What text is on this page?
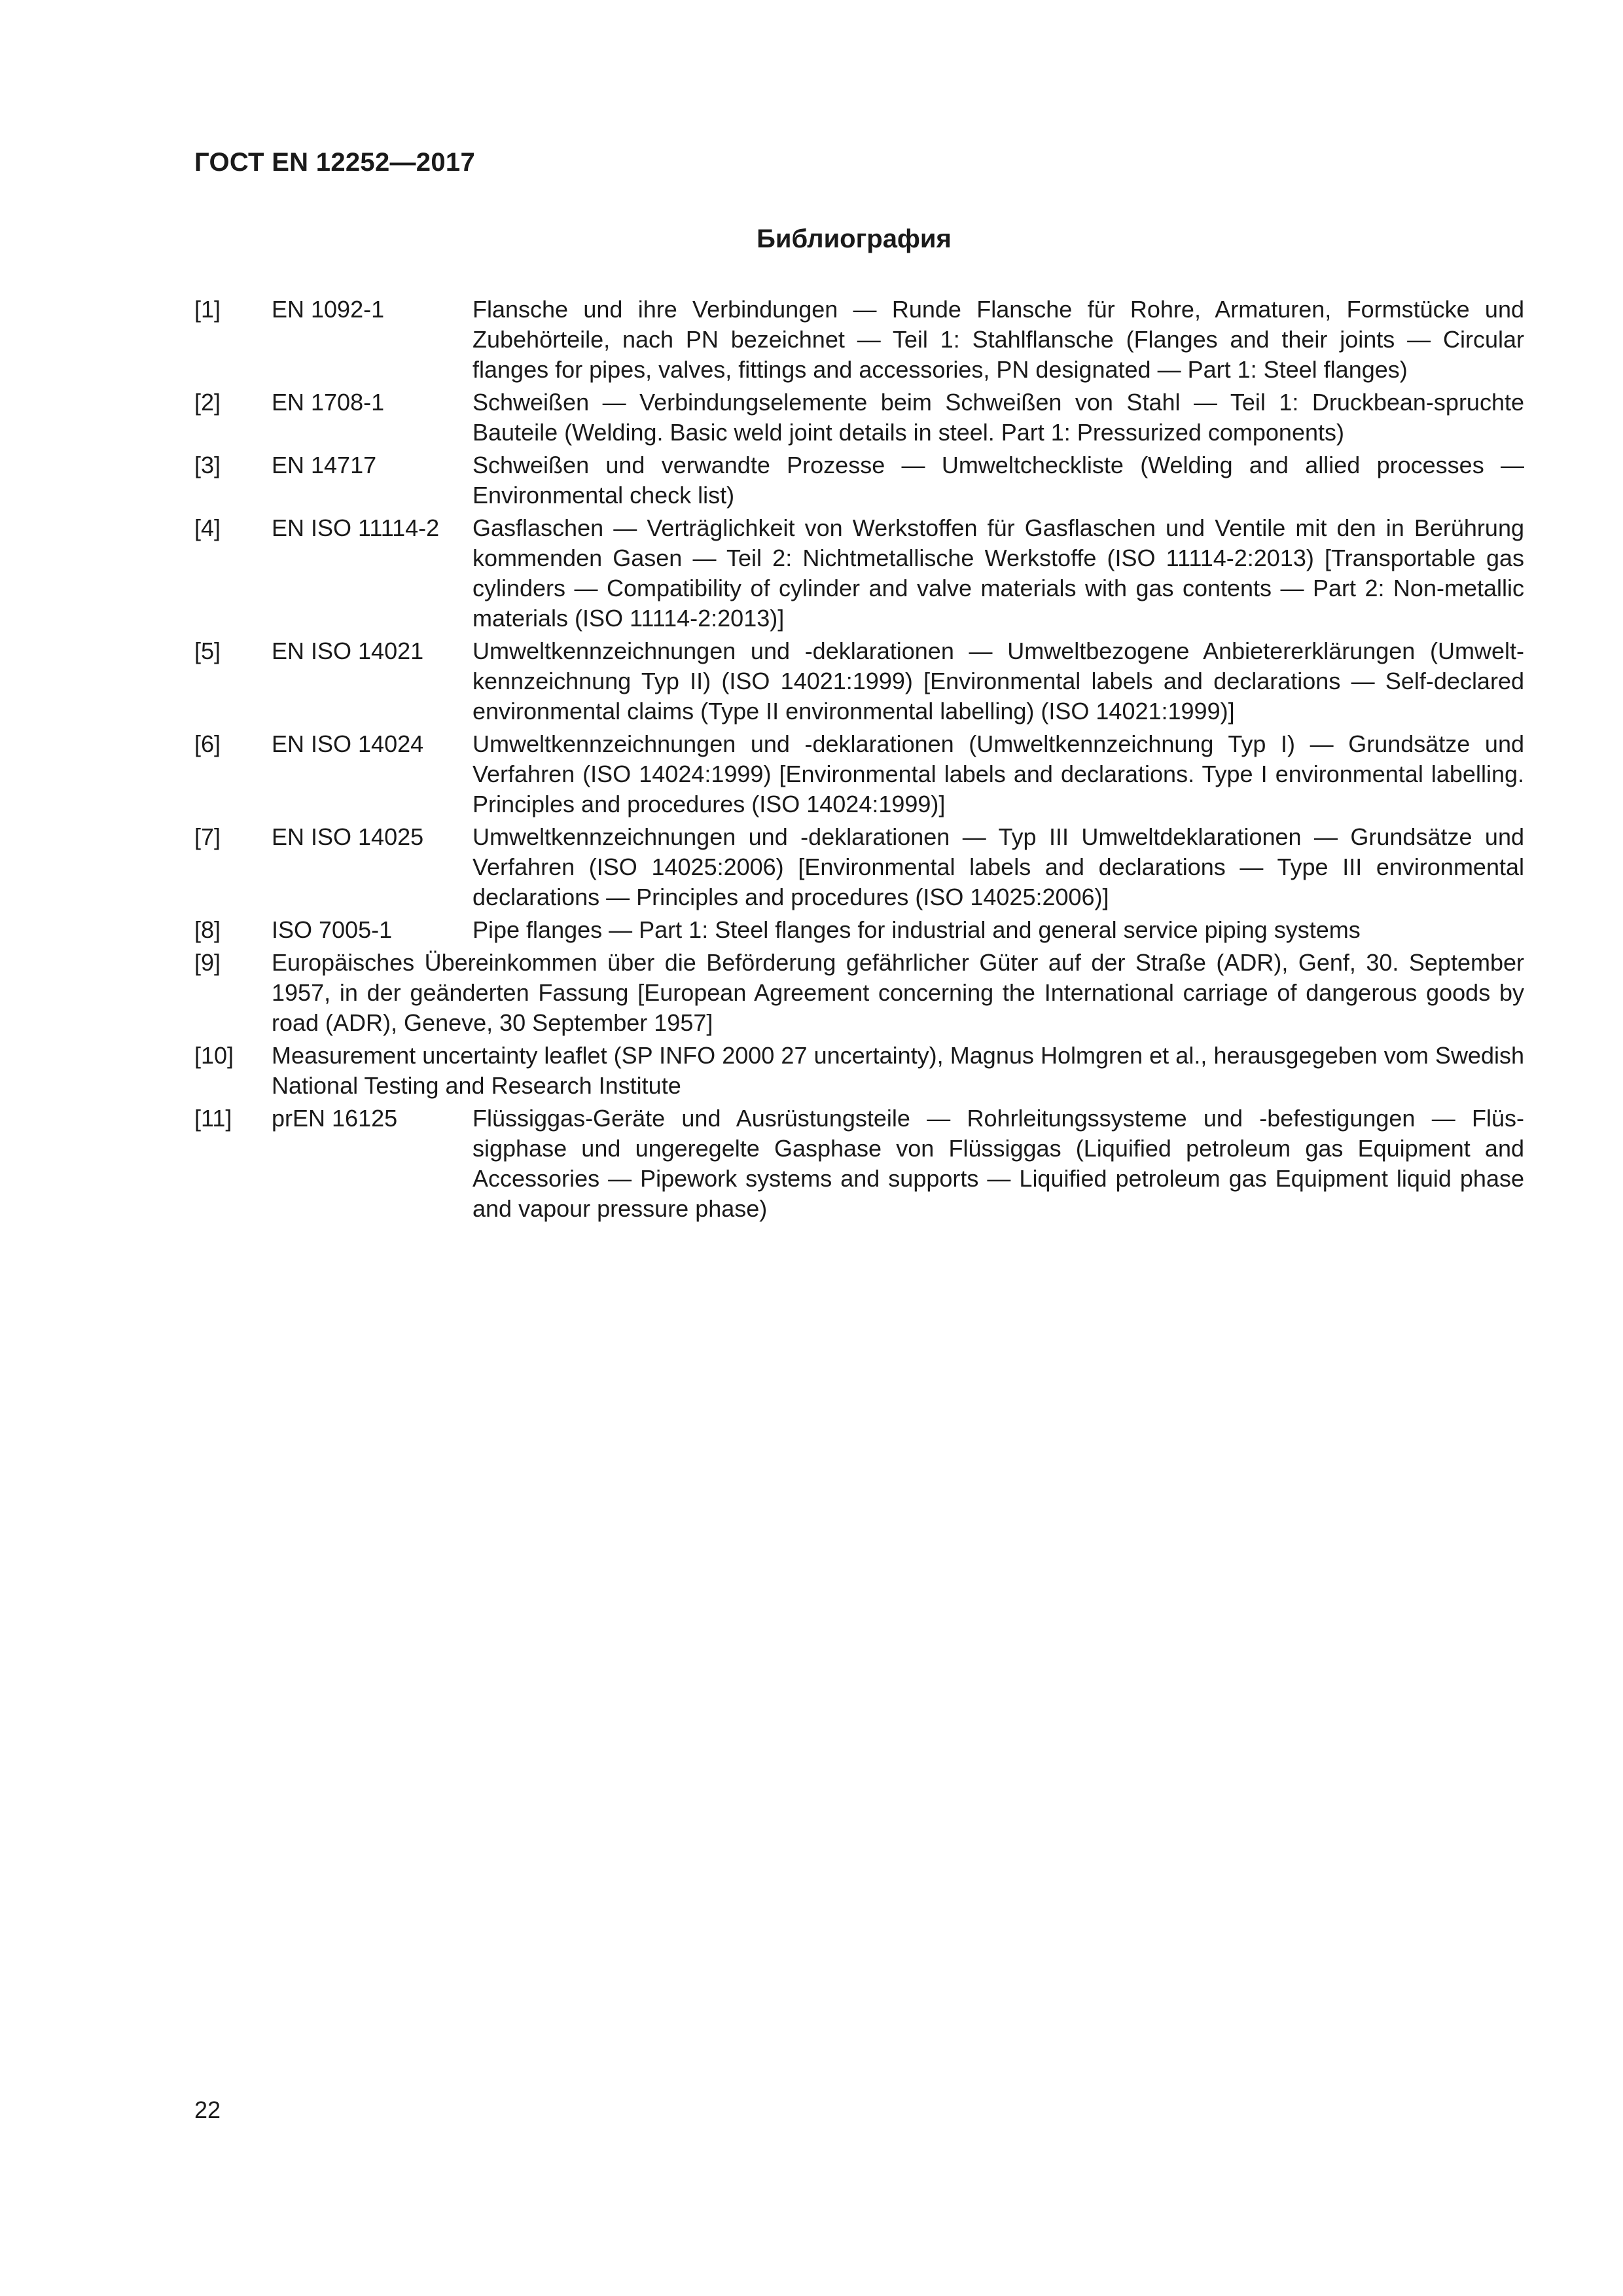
ГОСТ EN 12252—2017
Библиография
[1]	EN 1092-1	Flansche und ihre Verbindungen — Runde Flansche für Rohre, Armaturen, Formstücke und Zubehörteile, nach PN bezeichnet — Teil 1: Stahlflansche (Flanges and their joints — Circular flanges for pipes, valves, fittings and accessories, PN designated — Part 1: Steel flanges)
[2]	EN 1708-1	Schweißen — Verbindungselemente beim Schweißen von Stahl — Teil 1: Druckbean-spruchte Bauteile (Welding. Basic weld joint details in steel. Part 1: Pressurized components)
[3]	EN 14717	Schweißen und verwandte Prozesse — Umweltcheckliste (Welding and allied processes — Environmental check list)
[4]	EN ISO 11114-2	Gasflaschen — Verträglichkeit von Werkstoffen für Gasflaschen und Ventile mit den in Berührung kommenden Gasen — Teil 2: Nichtmetallische Werkstoffe (ISO 11114-2:2013) [Transportable gas cylinders — Compatibility of cylinder and valve materials with gas contents — Part 2: Non-metallic materials (ISO 11114-2:2013)]
[5]	EN ISO 14021	Umweltkennzeichnungen und -deklarationen — Umweltbezogene Anbietererklärungen (Umweltkennzeichnung Typ II) (ISO 14021:1999) [Environmental labels and declarations — Self-declared environmental claims (Type II environmental labelling) (ISO 14021:1999)]
[6]	EN ISO 14024	Umweltkennzeichnungen und -deklarationen (Umweltkennzeichnung Typ I) — Grundsätze und Verfahren (ISO 14024:1999) [Environmental labels and declarations. Type I environmental labelling. Principles and procedures (ISO 14024:1999)]
[7]	EN ISO 14025	Umweltkennzeichnungen und -deklarationen — Typ III Umweltdeklarationen — Grundsätze und Verfahren (ISO 14025:2006) [Environmental labels and declarations — Type III environmental declarations — Principles and procedures (ISO 14025:2006)]
[8]	ISO 7005-1	Pipe flanges — Part 1: Steel flanges for industrial and general service piping systems
[9]	Europäisches Übereinkommen über die Beförderung gefährlicher Güter auf der Straße (ADR), Genf, 30. September 1957, in der geänderten Fassung [European Agreement concerning the International carriage of dangerous goods by road (ADR), Geneve, 30 September 1957]
[10]	Measurement uncertainty leaflet (SP INFO 2000 27 uncertainty), Magnus Holmgren et al., herausgegeben vom Swedish National Testing and Research Institute
[11]	prEN 16125	Flüssiggas-Geräte und Ausrüstungsteile — Rohrleitungssysteme und -befestigungen — Flüssigphase und ungeregelte Gasphase von Flüssiggas (Liquified petroleum gas Equipment and Accessories — Pipework systems and supports — Liquified petroleum gas Equipment liquid phase and vapour pressure phase)
22
